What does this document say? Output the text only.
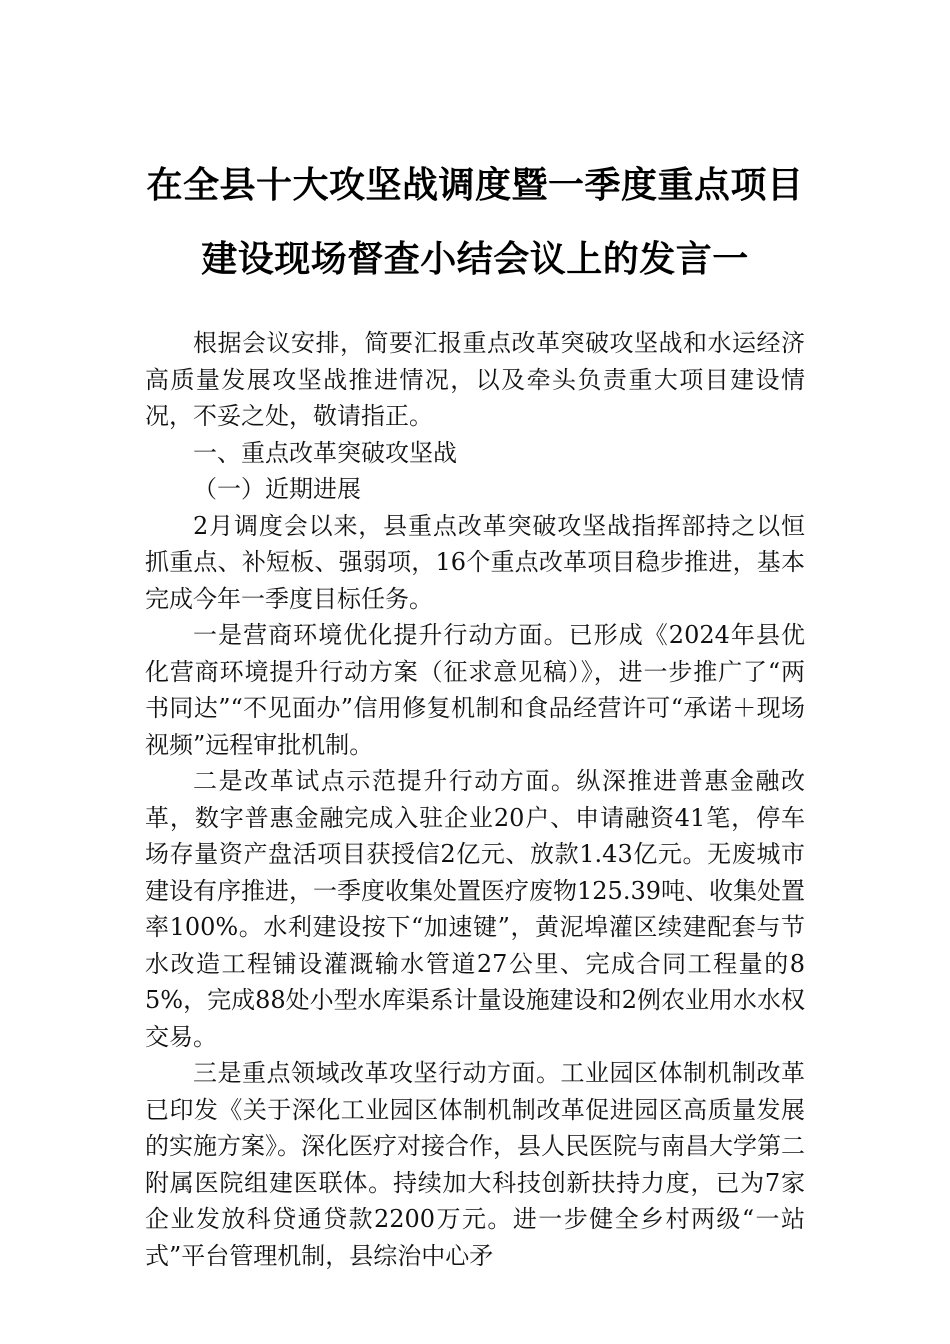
在全县十大攻坚战调度暨一季度重点项目
建设现场督查小结会议上的发言一

根据会议安排，简要汇报重点改革突破攻坚战和水运经济高质量发展攻坚战推进情况，以及牵头负责重大项目建设情况，不妥之处，敬请指正。

一、重点改革突破攻坚战

（一）近期进展

2月调度会以来，县重点改革突破攻坚战指挥部持之以恒抓重点、补短板、强弱项，16个重点改革项目稳步推进，基本完成今年一季度目标任务。

一是营商环境优化提升行动方面。已形成《2024年县优化营商环境提升行动方案（征求意见稿）》，进一步推广了“两书同达”“不见面办”信用修复机制和食品经营许可“承诺＋现场视频”远程审批机制。

二是改革试点示范提升行动方面。纵深推进普惠金融改革，数字普惠金融完成入驻企业20户、申请融资41笔，停车场存量资产盘活项目获授信2亿元、放款1.43亿元。无废城市建设有序推进，一季度收集处置医疗废物125.39吨、收集处置率100%。水利建设按下“加速键”，黄泥埠灌区续建配套与节水改造工程铺设灌溉输水管道27公里、完成合同工程量的85%，完成88处小型水库渠系计量设施建设和2例农业用水水权交易。

三是重点领域改革攻坚行动方面。工业园区体制机制改革已印发《关于深化工业园区体制机制改革促进园区高质量发展的实施方案》。深化医疗对接合作，县人民医院与南昌大学第二附属医院组建医联体。持续加大科技创新扶持力度，已为7家企业发放科贷通贷款2200万元。进一步健全乡村两级“一站式”平台管理机制，县综治中心矛
